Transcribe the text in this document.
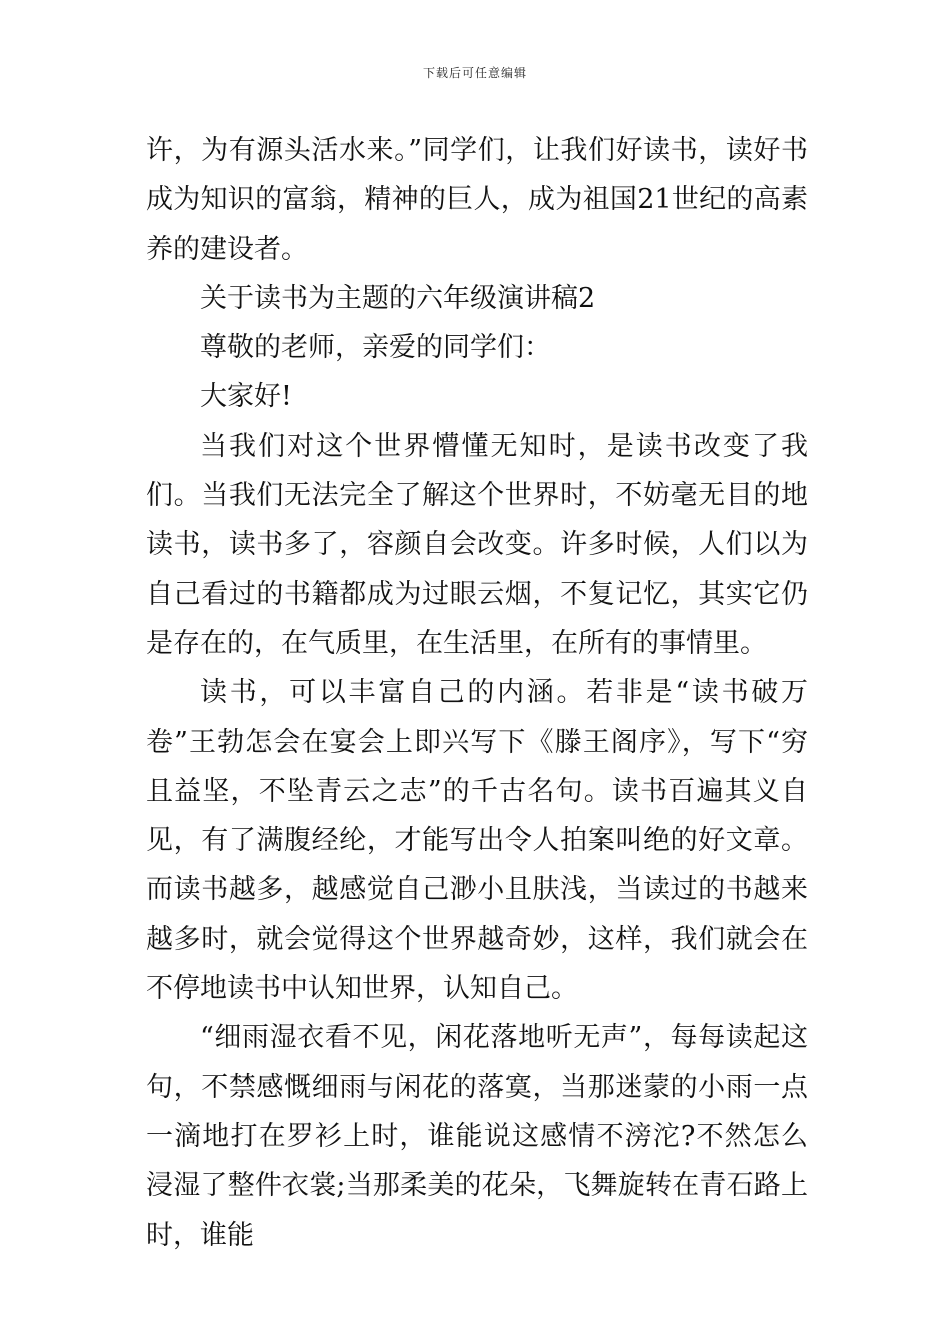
下载后可任意编辑

许，为有源头活水来。”同学们，让我们好读书，读好书成为知识的富翁，精神的巨人，成为祖国21世纪的高素养的建设者。

关于读书为主题的六年级演讲稿2

尊敬的老师，亲爱的同学们：

大家好!

当我们对这个世界懵懂无知时，是读书改变了我们。当我们无法完全了解这个世界时，不妨毫无目的地读书，读书多了，容颜自会改变。许多时候，人们以为自己看过的书籍都成为过眼云烟，不复记忆，其实它仍是存在的，在气质里，在生活里，在所有的事情里。

读书，可以丰富自己的内涵。若非是“读书破万卷”王勃怎会在宴会上即兴写下《滕王阁序》，写下“穷且益坚，不坠青云之志”的千古名句。读书百遍其义自见，有了满腹经纶，才能写出令人拍案叫绝的好文章。而读书越多，越感觉自己渺小且肤浅，当读过的书越来越多时，就会觉得这个世界越奇妙，这样，我们就会在不停地读书中认知世界，认知自己。

“细雨湿衣看不见，闲花落地听无声”，每每读起这句，不禁感慨细雨与闲花的落寞，当那迷蒙的小雨一点一滴地打在罗衫上时，谁能说这感情不滂沱?不然怎么浸湿了整件衣裳;当那柔美的花朵，飞舞旋转在青石路上时，谁能
